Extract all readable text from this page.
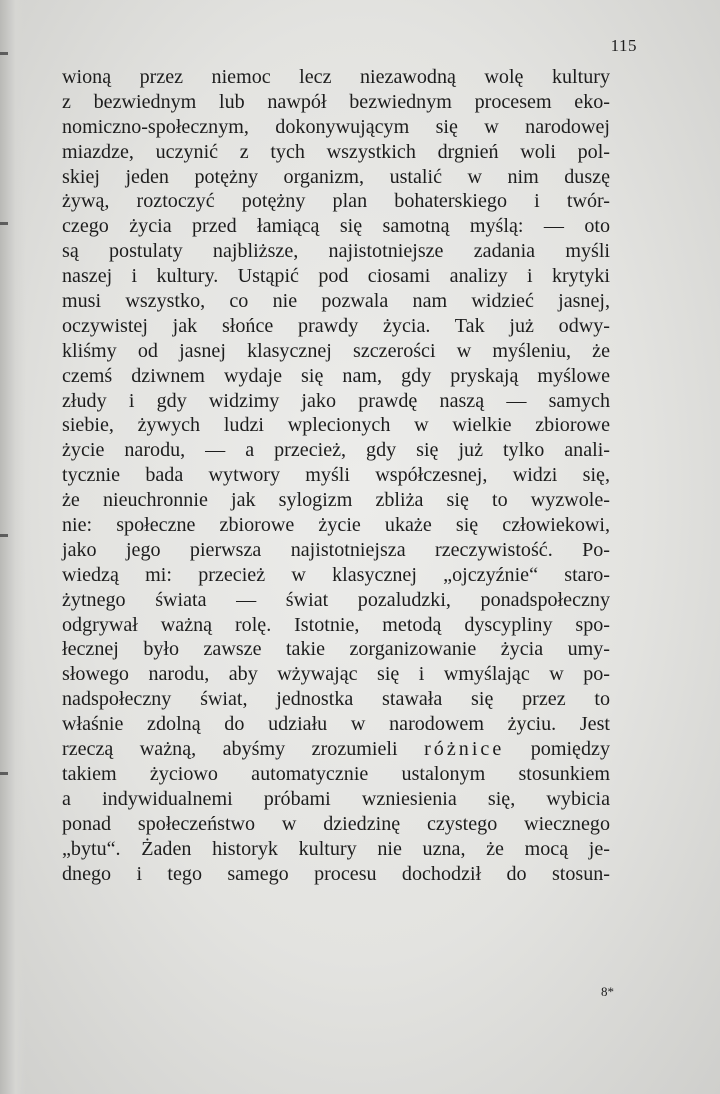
115

wioną przez niemoc lecz niezawodną wolę kultury
z bezwiednym lub nawpół bezwiednym procesem eko-
nomiczno-społecznym, dokonywującym się w narodowej
miazdze, uczynić z tych wszystkich drgnień woli pol-
skiej jeden potężny organizm, ustalić w nim duszę
żywą, roztoczyć potężny plan bohaterskiego i twór-
czego życia przed łamiącą się samotną myślą: — oto
są postulaty najbliższe, najistotniejsze zadania myśli
naszej i kultury. Ustąpić pod ciosami analizy i krytyki
musi wszystko, co nie pozwala nam widzieć jasnej,
oczywistej jak słońce prawdy życia. Tak już odwy-
kliśmy od jasnej klasycznej szczerości w myśleniu, że
czemś dziwnem wydaje się nam, gdy pryskają myślowe
złudy i gdy widzimy jako prawdę naszą — samych
siebie, żywych ludzi wplecionych w wielkie zbiorowe
życie narodu, — a przecież, gdy się już tylko anali-
tycznie bada wytwory myśli współczesnej, widzi się,
że nieuchronnie jak sylogizm zbliża się to wyzwole-
nie: społeczne zbiorowe życie ukaże się człowiekowi,
jako jego pierwsza najistotniejsza rzeczywistość. Po-
wiedzą mi: przecież w klasycznej „ojczyźnie“ staro-
żytnego świata — świat pozaludzki, ponadspołeczny
odgrywał ważną rolę. Istotnie, metodą dyscypliny spo-
łecznej było zawsze takie zorganizowanie życia umy-
słowego narodu, aby wżywając się i wmyślając w po-
nadspołeczny świat, jednostka stawała się przez to
właśnie zdolną do udziału w narodowem życiu. Jest
rzeczą ważną, abyśmy zrozumieli różnice pomiędzy
takiem życiowo automatycznie ustalonym stosunkiem
a indywidualnemi próbami wzniesienia się, wybicia
ponad społeczeństwo w dziedzinę czystego wiecznego
„bytu“. Żaden historyk kultury nie uzna, że mocą je-
dnego i tego samego procesu dochodził do stosun-

8*
